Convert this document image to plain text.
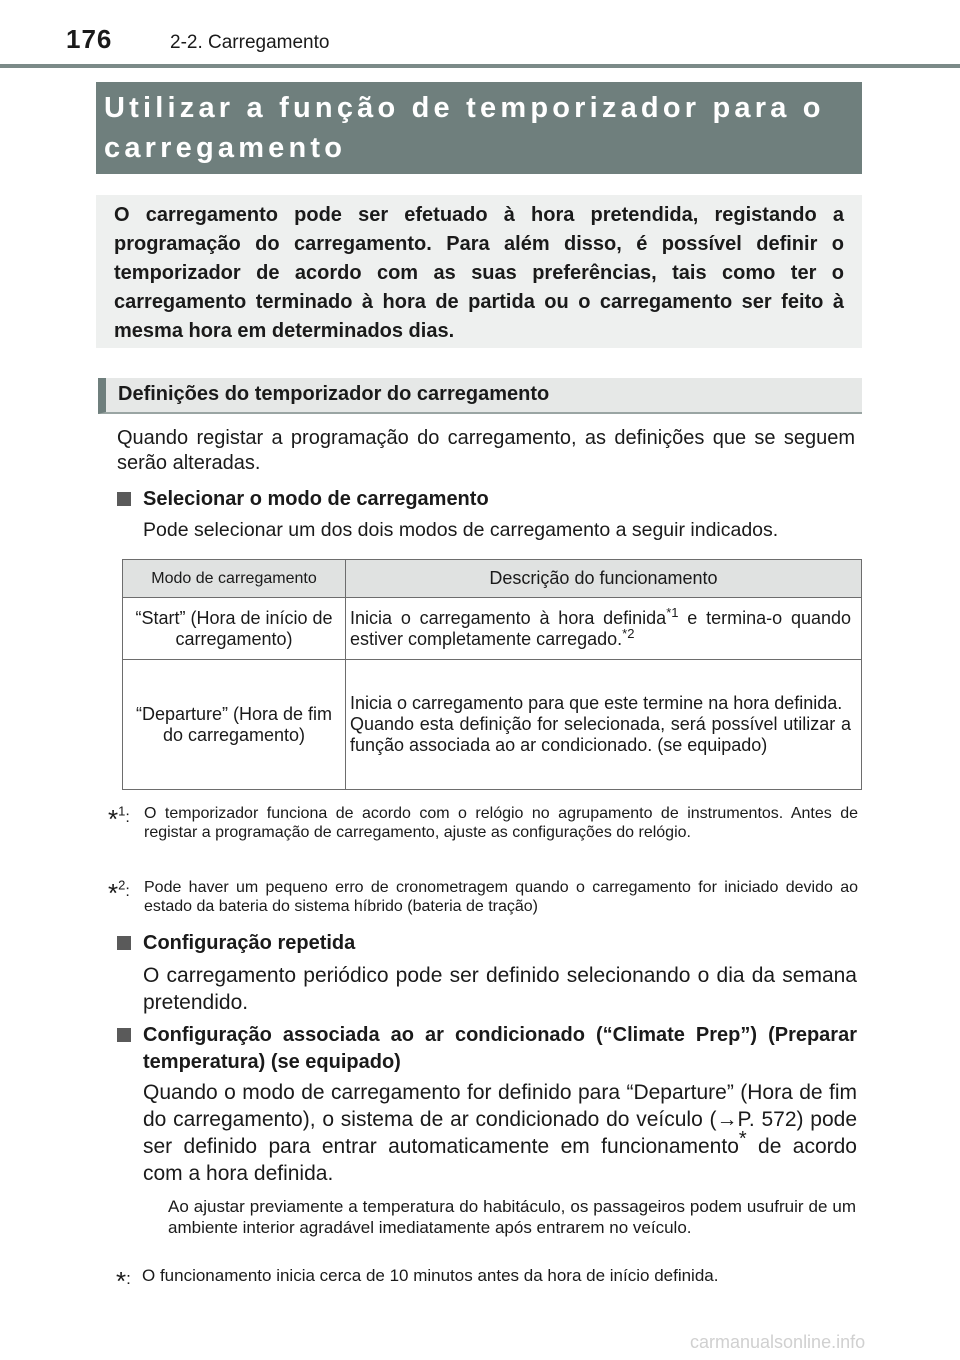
176	2-2. Carregamento
Utilizar a função de temporizador para o carregamento

O carregamento pode ser efetuado à hora pretendida, registando a programação do carregamento. Para além disso, é possível definir o temporizador de acordo com as suas preferências, tais como ter o carregamento terminado à hora de partida ou o carregamento ser feito à mesma hora em determinados dias.

Definições do temporizador do carregamento

Quando registar a programação do carregamento, as definições que se seguem serão alteradas.

Selecionar o modo de carregamento

Pode selecionar um dos dois modos de carregamento a seguir indicados.

Modo de carregamento	Descrição do funcionamento
“Start” (Hora de início de carregamento)	Inicia o carregamento à hora definida$^{*1}$ e termina-o quando estiver completamente carregado.$^{*2}$
“Departure” (Hora de fim do carregamento)	Inicia o carregamento para que este termine na hora definida.
Quando esta definição for selecionada, será possível utilizar a função associada ao ar condicionado. (se equipado)
*$^1$: O temporizador funciona de acordo com o relógio no agrupamento de instrumentos. Antes de registar a programação de carregamento, ajuste as configurações do relógio.
*$^2$: Pode haver um pequeno erro de cronometragem quando o carregamento for iniciado devido ao estado da bateria do sistema híbrido (bateria de tração)
Configuração repetida

O carregamento periódico pode ser definido selecionando o dia da semana pretendido.

Configuração associada ao ar condicionado (“Climate Prep”) (Preparar temperatura) (se equipado)

Quando o modo de carregamento for definido para “Departure” (Hora de fim do carregamento), o sistema de ar condicionado do veículo (→P. 572) pode ser definido para entrar automaticamente em funcionamento* de acordo com a hora definida.

Ao ajustar previamente a temperatura do habitáculo, os passageiros podem usufruir de um ambiente interior agradável imediatamente após entrarem no veículo.

*: O funcionamento inicia cerca de 10 minutos antes da hora de início definida.
carmanualsonline.info
